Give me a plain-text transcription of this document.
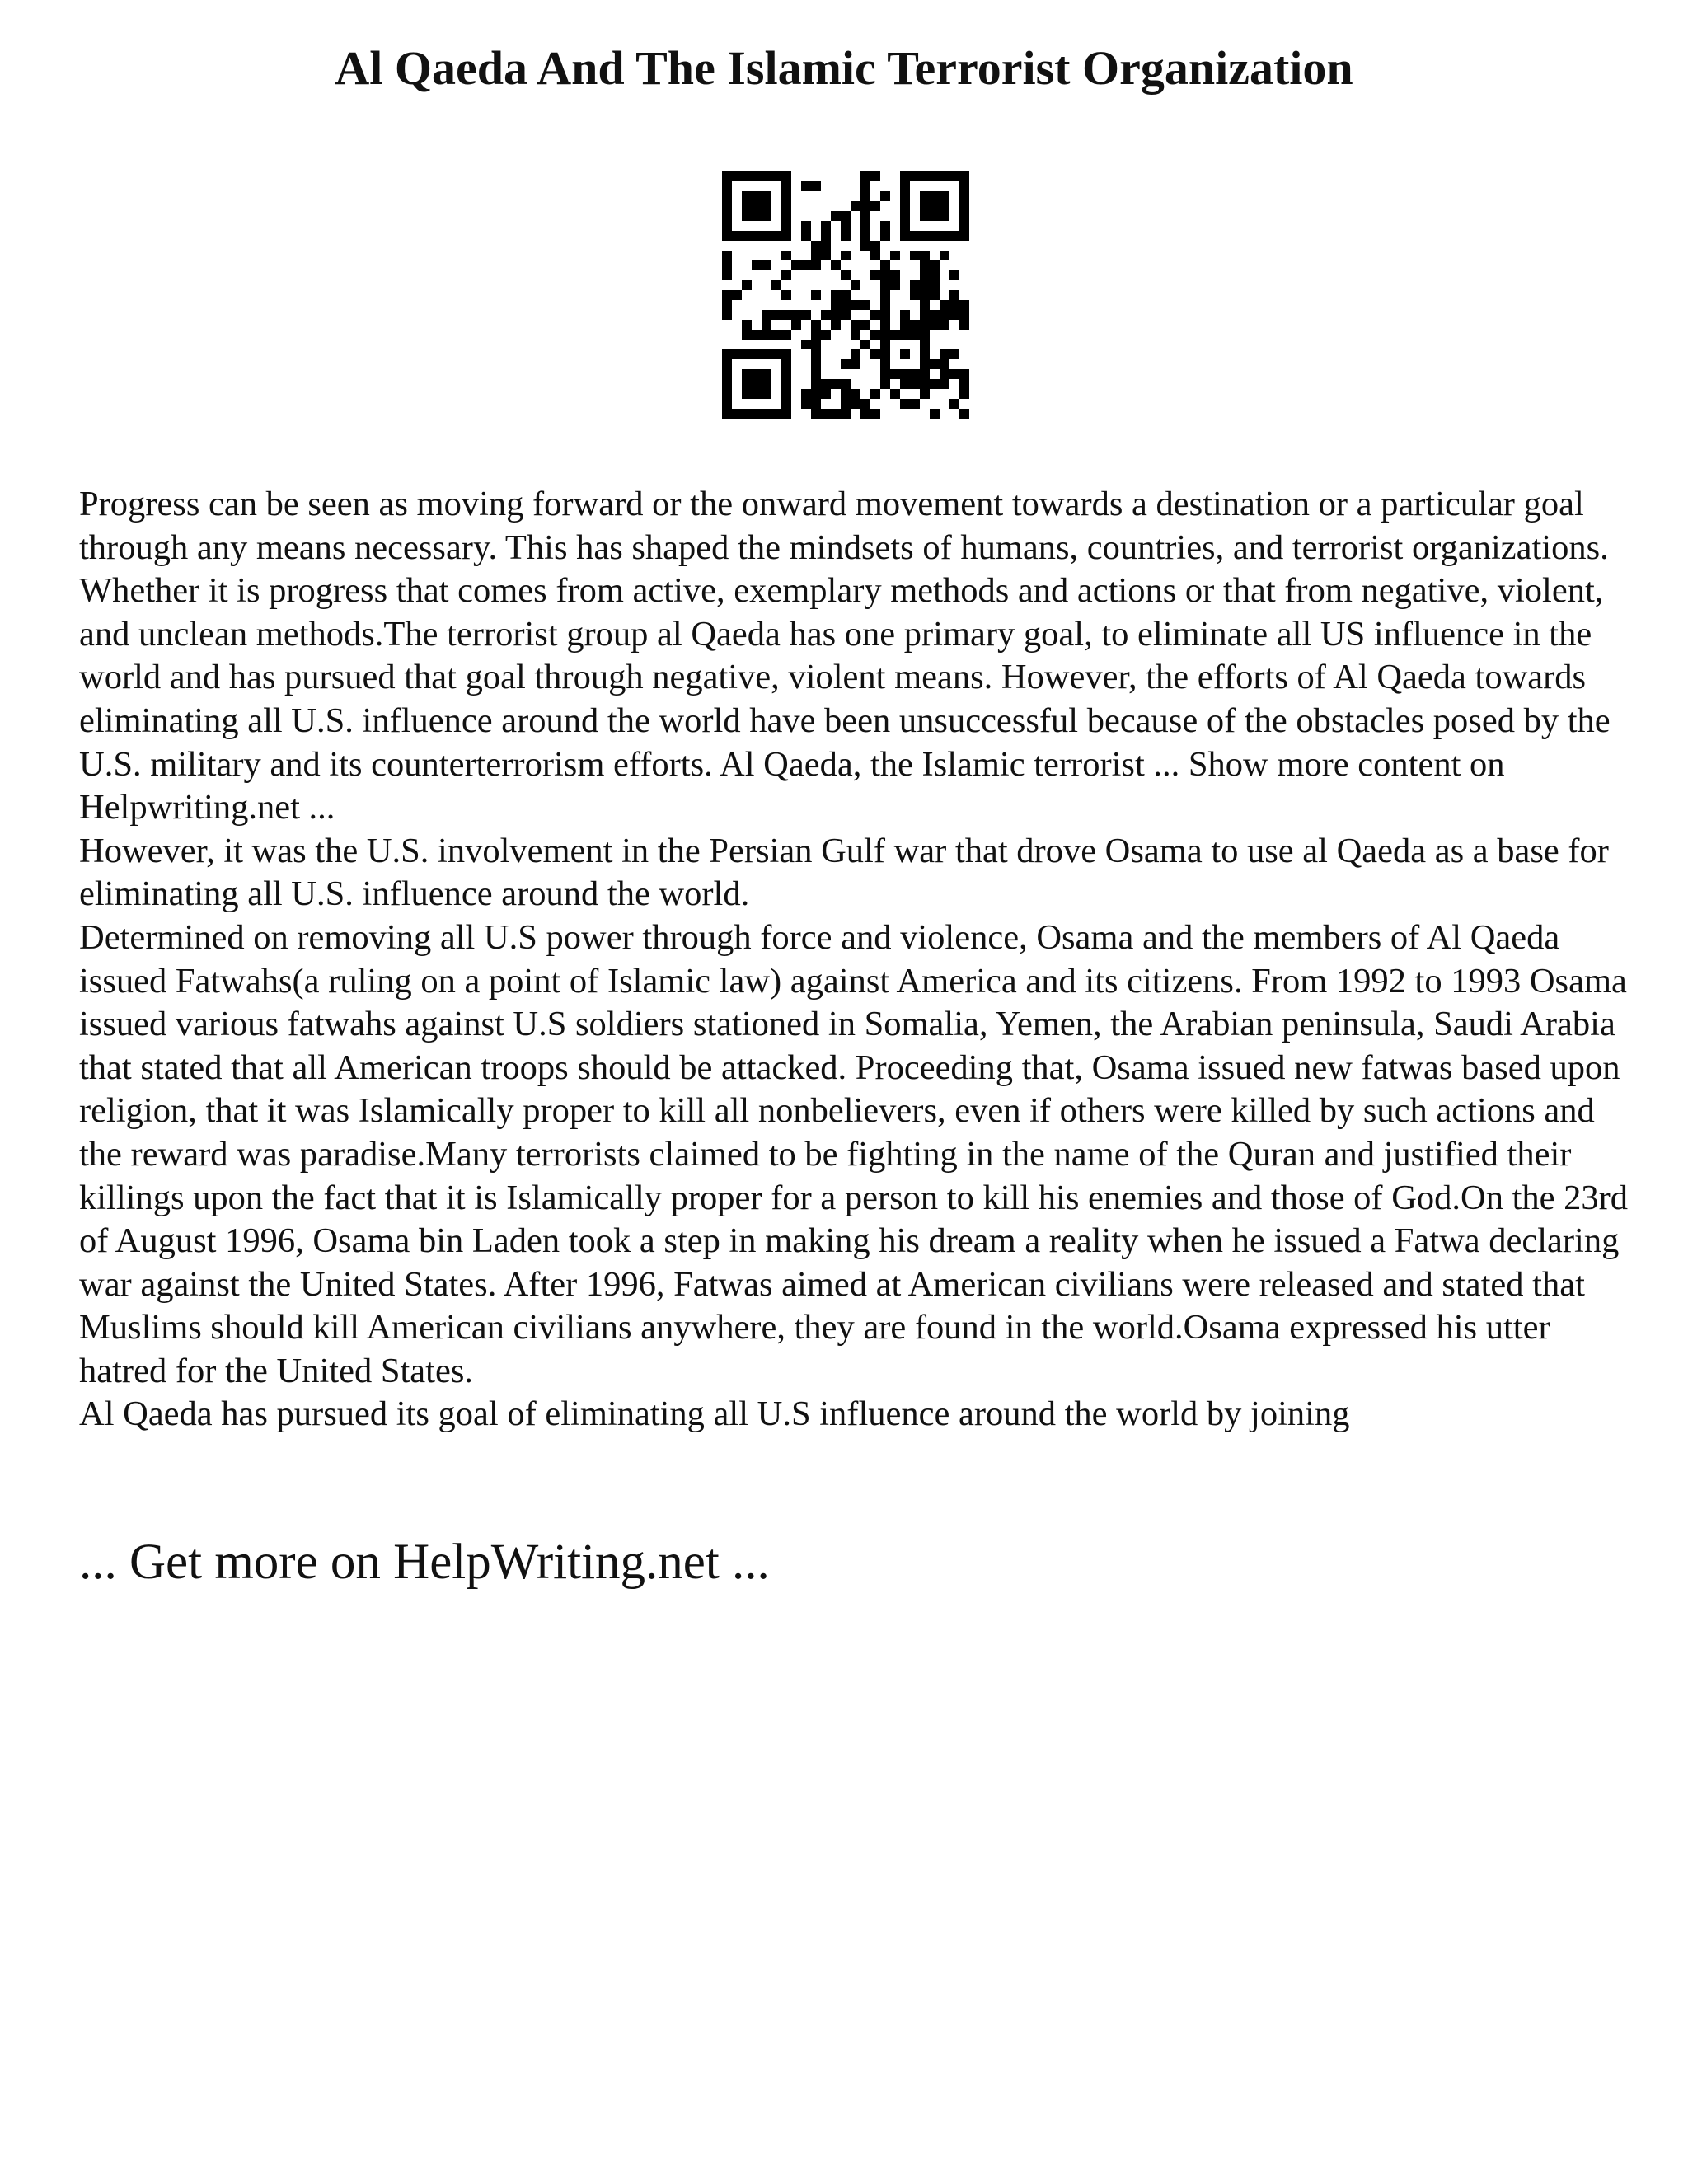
Al Qaeda And The Islamic Terrorist Organization

Progress can be seen as moving forward or the onward movement towards a destination or a particular goal through any means necessary. This has shaped the mindsets of humans, countries, and terrorist organizations. Whether it is progress that comes from active, exemplary methods and actions or that from negative, violent, and unclean methods.The terrorist group al Qaeda has one primary goal, to eliminate all US influence in the world and has pursued that goal through negative, violent means. However, the efforts of Al Qaeda towards eliminating all U.S. influence around the world have been unsuccessful because of the obstacles posed by the U.S. military and its counterterrorism efforts. Al Qaeda, the Islamic terrorist ... Show more content on Helpwriting.net ...

However, it was the U.S. involvement in the Persian Gulf war that drove Osama to use al Qaeda as a base for eliminating all U.S. influence around the world.

Determined on removing all U.S power through force and violence, Osama and the members of Al Qaeda issued Fatwahs(a ruling on a point of Islamic law) against America and its citizens. From 1992 to 1993 Osama issued various fatwahs against U.S soldiers stationed in Somalia, Yemen, the Arabian peninsula, Saudi Arabia that stated that all American troops should be attacked. Proceeding that, Osama issued new fatwas based upon religion, that it was Islamically proper to kill all nonbelievers, even if others were killed by such actions and the reward was paradise.Many terrorists claimed to be fighting in the name of the Quran and justified their killings upon the fact that it is Islamically proper for a person to kill his enemies and those of God.On the 23rd of August 1996, Osama bin Laden took a step in making his dream a reality when he issued a Fatwa declaring war against the United States. After 1996, Fatwas aimed at American civilians were released and stated that Muslims should kill American civilians anywhere, they are found in the world.Osama expressed his utter hatred for the United States.

Al Qaeda has pursued its goal of eliminating all U.S influence around the world by joining

... Get more on HelpWriting.net ...
